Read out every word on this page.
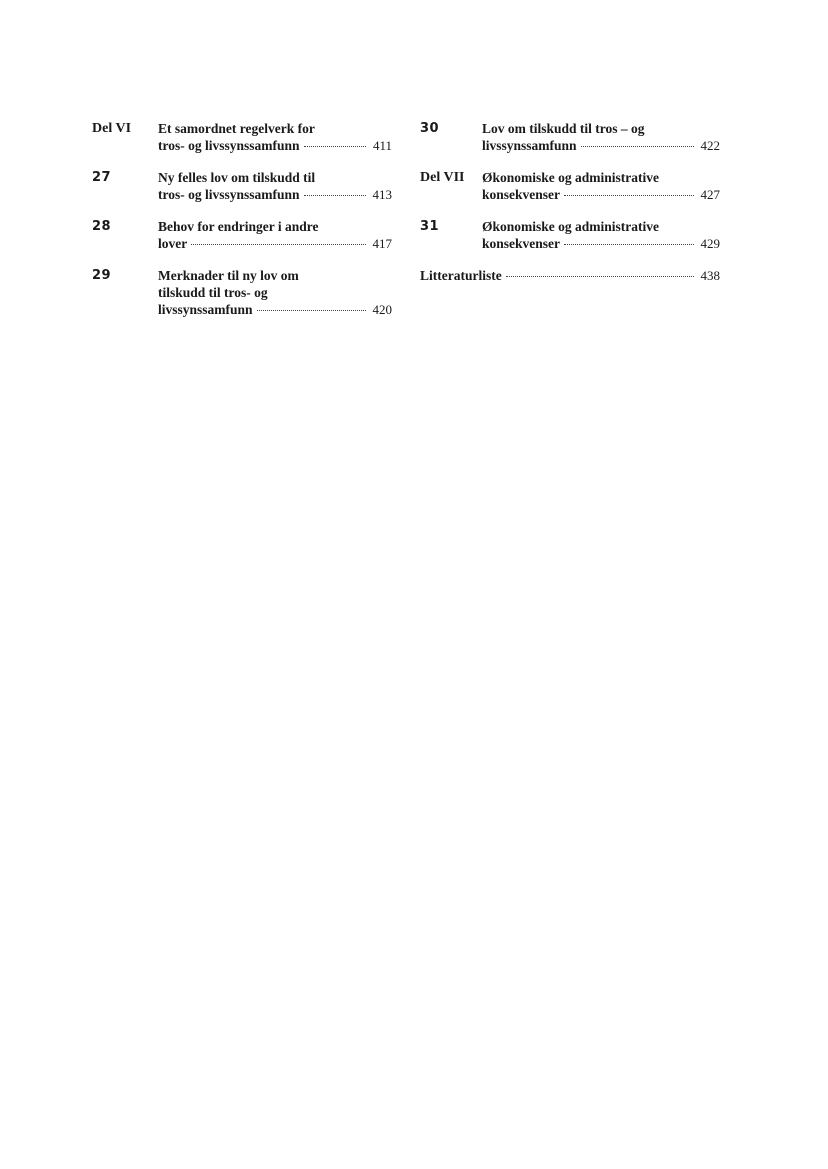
Del VI	Et samordnet regelverk for
tros- og livssynssamfunn	411
27	Ny felles lov om tilskudd til
tros- og livssynssamfunn	413
28	Behov for endringer i andre
lover	417
29	Merknader til ny lov om
tilskudd til tros- og
livssynssamfunn	420
30	Lov om tilskudd til tros – og
livssynssamfunn	422
Del VII	Økonomiske og administrative
konsekvenser	427
31	Økonomiske og administrative
konsekvenser	429
Litteraturliste	438
